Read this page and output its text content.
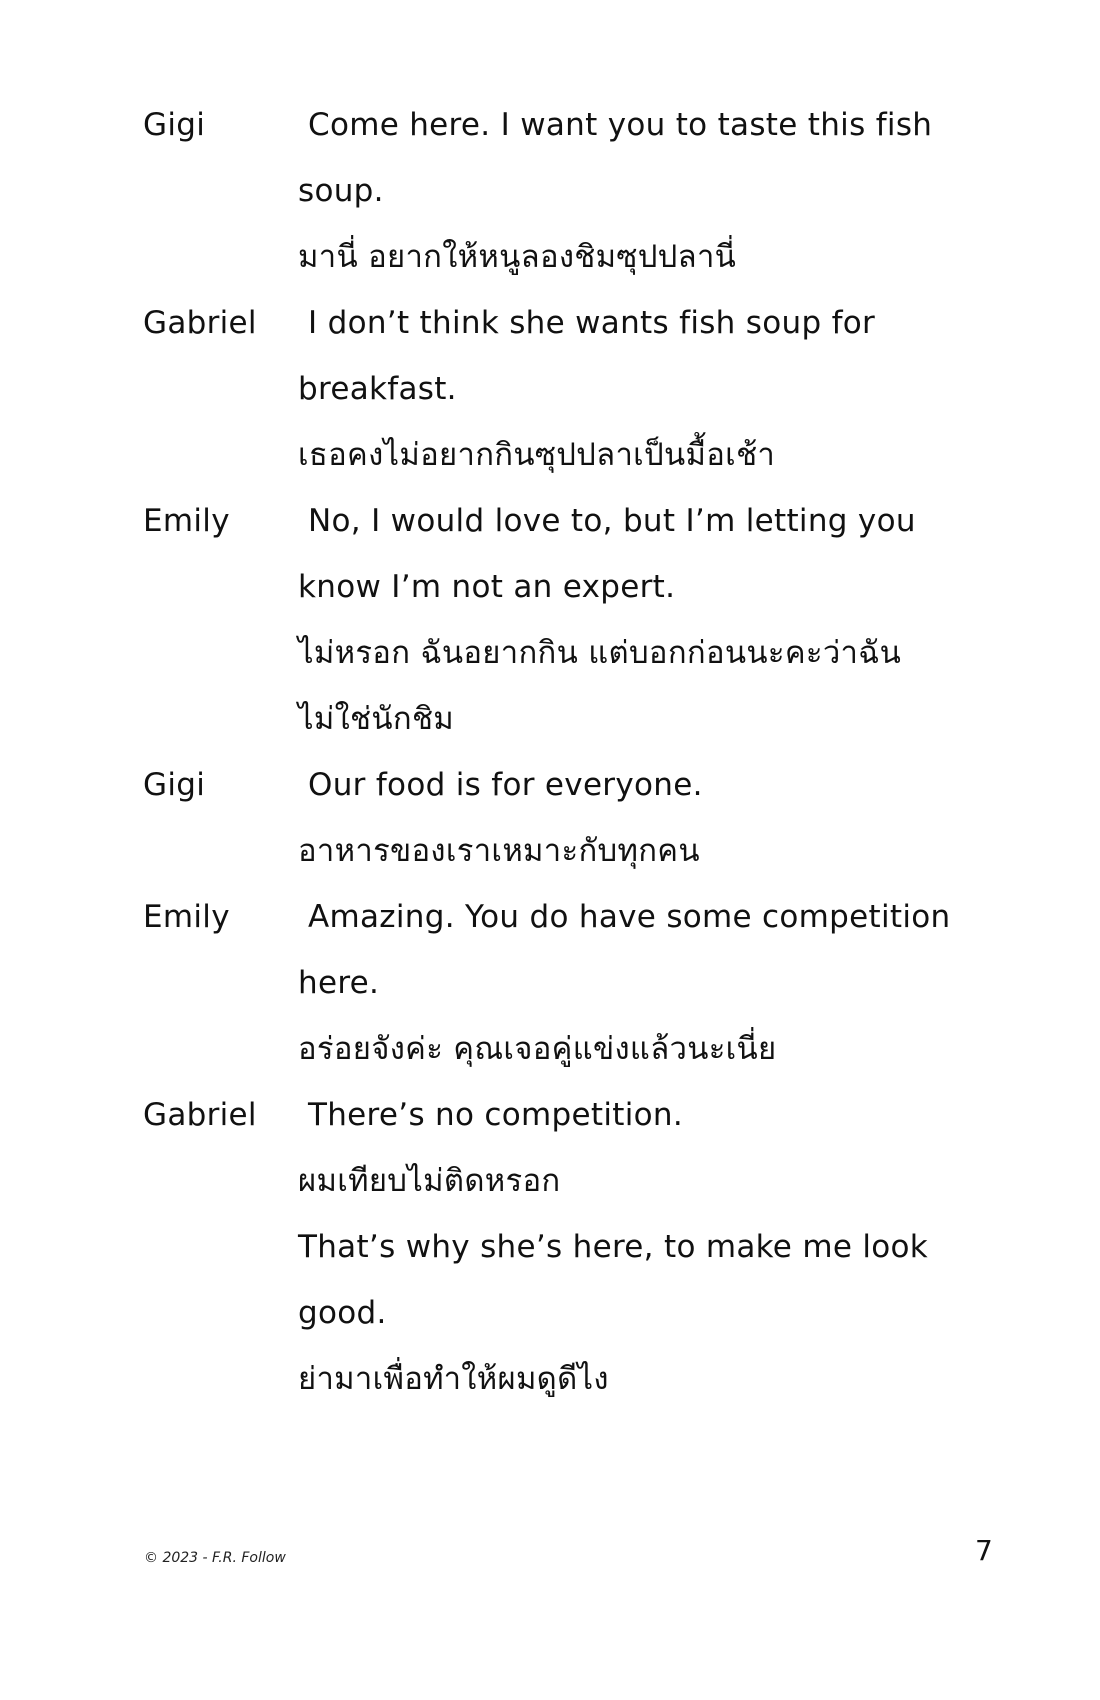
Gigi	Come here. I want you to taste this fish
soup.
มานี่ อยากให้หนูลองชิมซุปปลานี่
Gabriel	I don’t think she wants fish soup for
breakfast.
เธอคงไม่อยากกินซุปปลาเป็นมื้อเช้า
Emily	No, I would love to, but I’m letting you
know I’m not an expert.
ไม่หรอก ฉันอยากกิน แต่บอกก่อนนะคะว่าฉัน
ไม่ใช่นักชิม
Gigi	Our food is for everyone.
อาหารของเราเหมาะกับทุกคน
Emily	Amazing. You do have some competition
here.
อร่อยจังค่ะ คุณเจอคู่แข่งแล้วนะเนี่ย
Gabriel	There’s no competition.
ผมเทียบไม่ติดหรอก
That’s why she’s here, to make me look
good.
ย่ามาเพื่อทำให้ผมดูดีไง
© 2023 - F.R. Follow	7
